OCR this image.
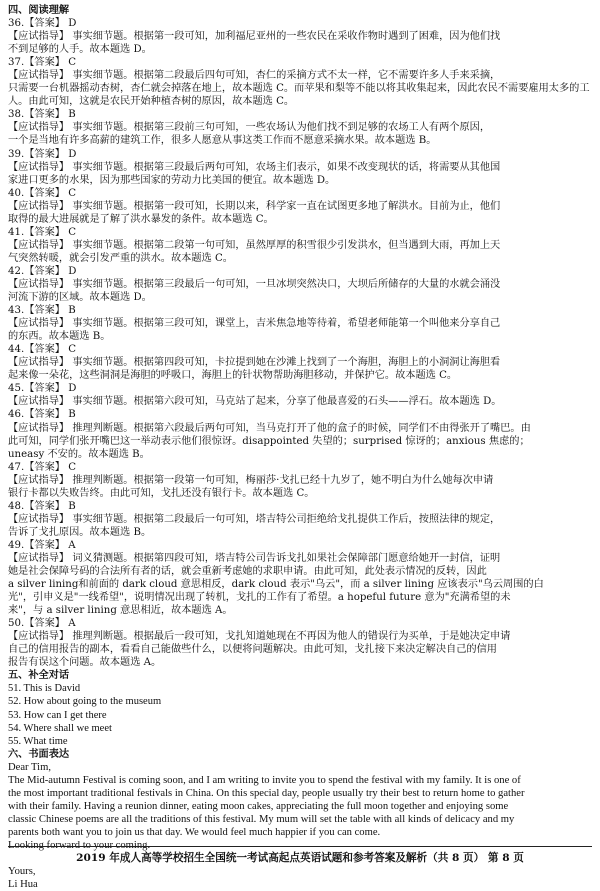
四、阅读理解
36.【答案】 D
【应试指导】 事实细节题。根据第一段可知，加利福尼亚州的一些农民在采收作物时遇到了困难，因为他们找
不到足够的人手。故本题选 D。
37.【答案】 C
【应试指导】 事实细节题。根据第二段最后四句可知，杏仁的采摘方式不太一样，它不需要许多人手来采摘，
只需要一台机器摇动杏树，杏仁就会掉落在地上，故本题选 C。而苹果和梨等不能以将其收集起来，因此农民不需要雇用太多的工
人。由此可知，这就是农民开始种植杏树的原因，故本题选 C。
38.【答案】 B
【应试指导】 事实细节题。根据第三段前三句可知，一些农场认为他们找不到足够的农场工人有两个原因，
一个是当地有许多高薪的建筑工作，很多人愿意从事这类工作而不愿意采摘水果。故本题选 B。
39.【答案】 D
【应试指导】 事实细节题。根据第三段最后两句可知，农场主们表示，如果不改变现状的话，将需要从其他国
家进口更多的水果，因为那些国家的劳动力比美国的便宜。故本题选 D。
40.【答案】 C
【应试指导】 事实细节题。根据第一段可知，长期以来，科学家一直在试图更多地了解洪水。目前为止，他们
取得的最大进展就是了解了洪水暴发的条件。故本题选 C。
41.【答案】 C
【应试指导】 事实细节题。根据第二段第一句可知，虽然厚厚的积雪很少引发洪水，但当遇到大雨，再加上天
气突然转暖，就会引发严重的洪水。故本题选 C。
42.【答案】 D
【应试指导】 事实细节题。根据第三段最后一句可知，一旦冰坝突然决口，大坝后所储存的大量的水就会涌没
河流下游的区域。故本题选 D。
43.【答案】 B
【应试指导】 事实细节题。根据第三段可知，课堂上，吉米焦急地等待着，希望老师能第一个叫他来分享自己
的东西。故本题选 B。
44.【答案】 C
【应试指导】 事实细节题。根据第四段可知，卡拉提到她在沙滩上找到了一个海胆，海胆上的小洞洞让海胆看
起来像一朵花，这些洞洞是海胆的呼吸口，海胆上的针状物帮助海胆移动，并保护它。故本题选 C。
45.【答案】 D
【应试指导】 事实细节题。根据第六段可知，马克站了起来，分享了他最喜爱的石头——浮石。故本题选 D。
46.【答案】 B
【应试指导】 推理判断题。根据第六段最后两句可知，当马克打开了他的盒子的时候，同学们不由得张开了嘴巴。由
此可知，同学们张开嘴巴这一举动表示他们很惊讶。disappointed 失望的；surprised 惊讶的；anxious 焦虑的；
uneasy 不安的。故本题选 B。
47.【答案】 C
【应试指导】 推理判断题。根据第一段第一句可知，梅丽莎·戈扎已经十九岁了，她不明白为什么她每次申请
银行卡都以失败告终。由此可知，戈扎还没有银行卡。故本题选 C。
48.【答案】 B
【应试指导】 事实细节题。根据第二段最后一句可知，塔吉特公司拒绝给戈扎提供工作后，按照法律的规定，
告诉了戈扎原因。故本题选 B。
49.【答案】 A
【应试指导】 词义猜测题。根据第四段可知，塔吉特公司告诉戈扎如果社会保障部门愿意给她开一封信，证明
她是社会保障号码的合法所有者的话，就会重新考虑她的求职申请。由此可知，此处表示情况的反转，因此
a silver lining和前面的 dark cloud 意思相反，dark cloud 表示"乌云"，而 a silver lining 应该表示"乌云周围的白
光"，引申义是"一线希望"，说明情况出现了转机，戈扎的工作有了希望。a hopeful future 意为"充满希望的未
来"，与 a silver lining 意思相近，故本题选 A。
50.【答案】 A
【应试指导】 推理判断题。根据最后一段可知，戈扎知道她现在不再因为他人的错误行为买单，于是她决定申请
自己的信用报告的副本，看看自己能做些什么，以便将问题解决。由此可知，戈扎接下来决定解决自己的信用
报告有误这个问题。故本题选 A。
五、补全对话
51. This is David
52. How about going to the museum
53. How can I get there
54. Where shall we meet
55. What time
六、书面表达
Dear Tim,
The Mid-autumn Festival is coming soon, and I am writing to invite you to spend the festival with my family. It is one of
the most important traditional festivals in China. On this special day, people usually try their best to return home to gather
with their family. Having a reunion dinner, eating moon cakes, appreciating the full moon together and enjoying some
classic Chinese poems are all the traditions of this festival. My mum will set the table with all kinds of delicacy and my
parents both want you to join us that day. We would feel much happier if you can come.
Looking forward to your coming.

Yours,
Li Hua
2019 年成人高等学校招生全国统一考试高起点英语试题和参考答案及解析（共 8 页） 第 8 页
